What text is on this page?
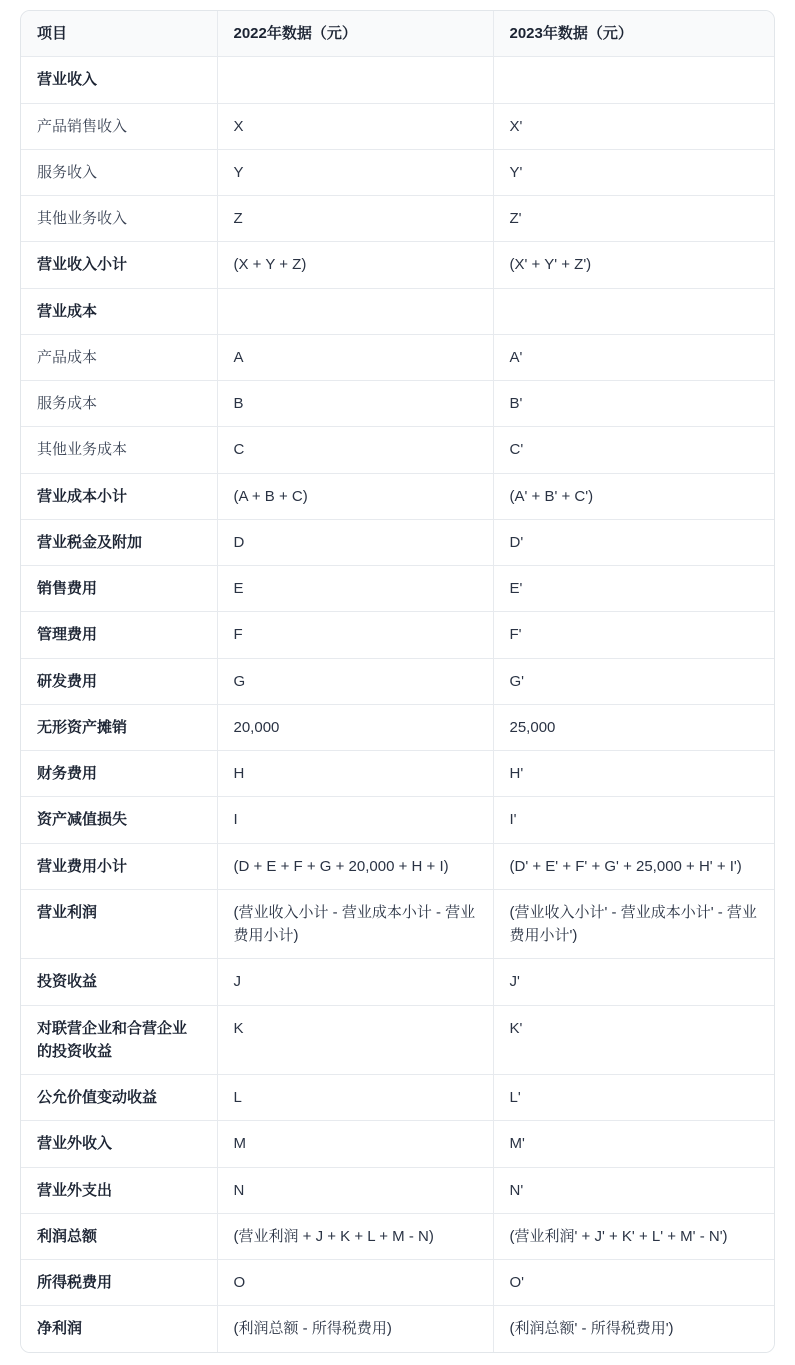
项目	2022年数据（元）	2023年数据（元）
营业收入		
产品销售收入	X	X'
服务收入	Y	Y'
其他业务收入	Z	Z'
营业收入小计	(X + Y + Z)	(X' + Y' + Z')
营业成本		
产品成本	A	A'
服务成本	B	B'
其他业务成本	C	C'
营业成本小计	(A + B + C)	(A' + B' + C')
营业税金及附加	D	D'
销售费用	E	E'
管理费用	F	F'
研发费用	G	G'
无形资产摊销	20,000	25,000
财务费用	H	H'
资产减值损失	I	I'
营业费用小计	(D + E + F + G + 20,000 + H + I)	(D' + E' + F' + G' + 25,000 + H' + I')
营业利润	(营业收入小计 - 营业成本小计 - 营业费用小计)	(营业收入小计' - 营业成本小计' - 营业费用小计')
投资收益	J	J'
对联营企业和合营企业的投资收益	K	K'
公允价值变动收益	L	L'
营业外收入	M	M'
营业外支出	N	N'
利润总额	(营业利润 + J + K + L + M - N)	(营业利润' + J' + K' + L' + M' - N')
所得税费用	O	O'
净利润	(利润总额 - 所得税费用)	(利润总额' - 所得税费用')
